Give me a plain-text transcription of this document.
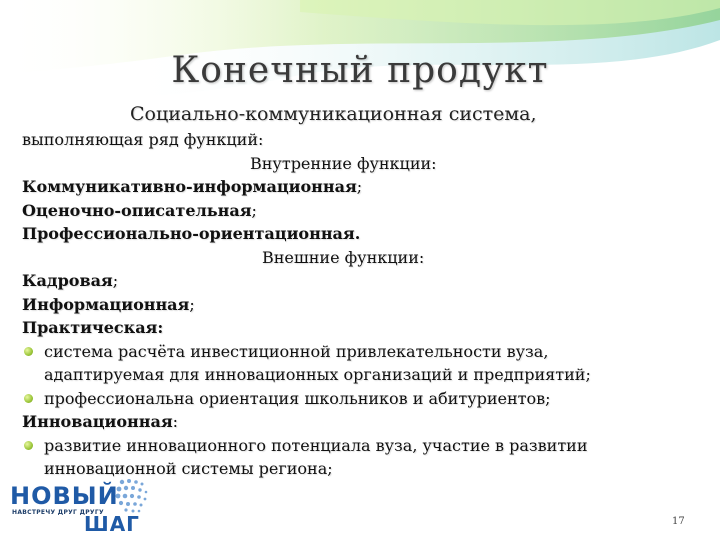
Конечный продукт
Социально-коммуникационная система,
выполняющая ряд функций:
Внутренние функции:
Коммуникативно-информационная;
Оценочно-описательная;
Профессионально-ориентационная.
Внешние функции:
Кадровая;
Информационная;
Практическая:
система расчёта инвестиционной привлекательности вуза,
адаптируемая для инновационных организаций и предприятий;
профессиональна ориентация школьников и абитуриентов;
Инновационная:
развитие инновационного потенциала вуза, участие в развитии
инновационной системы региона;
НОВЫЙ
НАВСТРЕЧУ ДРУГ ДРУГУ
ШАГ	17
